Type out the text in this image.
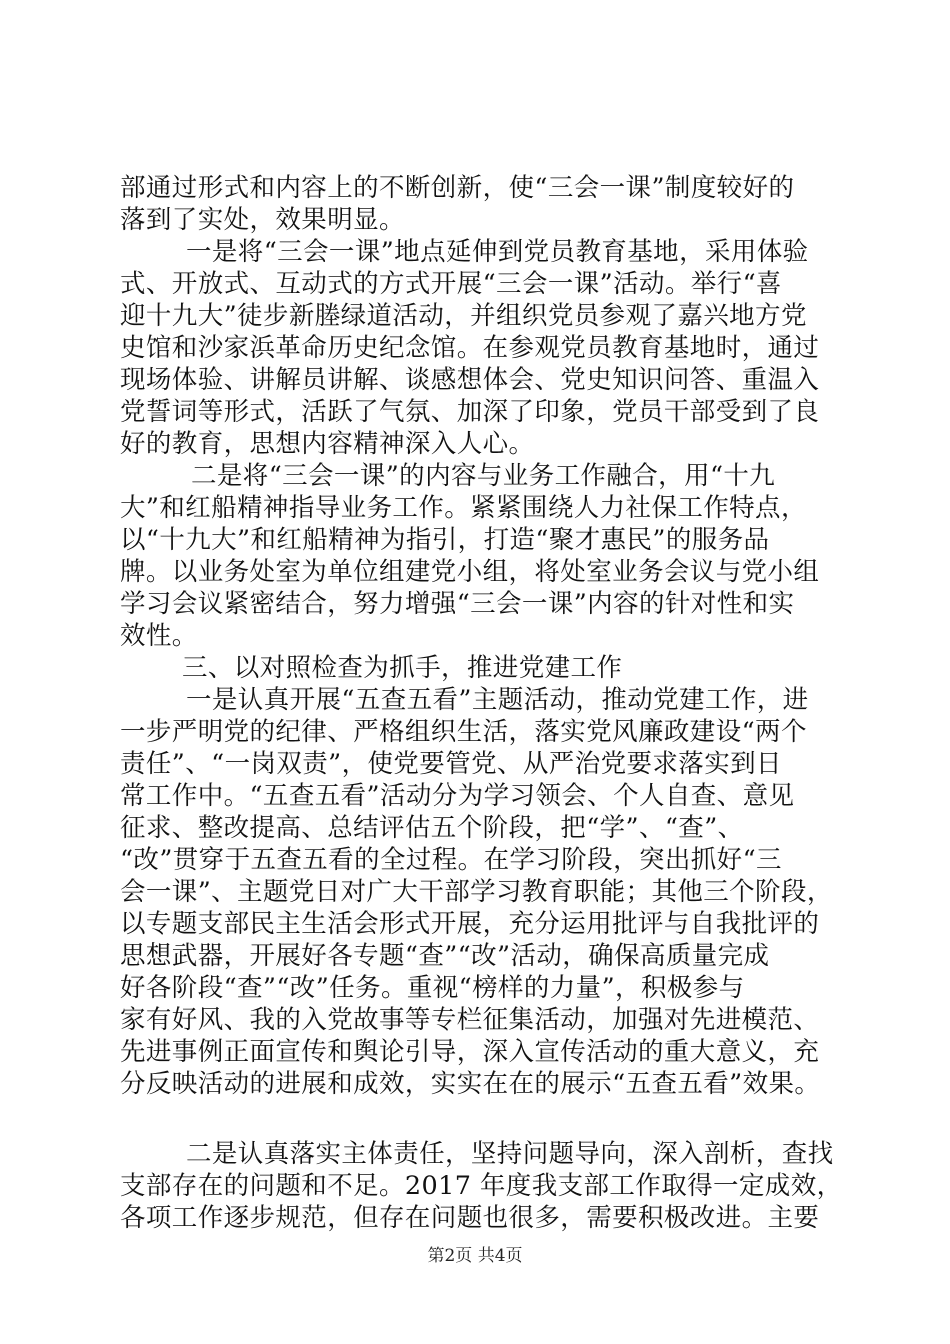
部通过形式和内容上的不断创新，使“三会一课”制度较好的
落到了实处，效果明显。
一是将“三会一课”地点延伸到党员教育基地，采用体验
式、开放式、互动式的方式开展“三会一课”活动。举行“喜
迎十九大”徒步新塍绿道活动，并组织党员参观了嘉兴地方党
史馆和沙家浜革命历史纪念馆。在参观党员教育基地时，通过
现场体验、讲解员讲解、谈感想体会、党史知识问答、重温入
党誓词等形式，活跃了气氛、加深了印象，党员干部受到了良
好的教育，思想内容精神深入人心。
二是将“三会一课”的内容与业务工作融合，用“十九
大”和红船精神指导业务工作。紧紧围绕人力社保工作特点，
以“十九大”和红船精神为指引，打造“聚才惠民”的服务品
牌。以业务处室为单位组建党小组，将处室业务会议与党小组
学习会议紧密结合，努力增强“三会一课”内容的针对性和实
效性。
三、以对照检查为抓手，推进党建工作
一是认真开展“五查五看”主题活动，推动党建工作，进
一步严明党的纪律、严格组织生活，落实党风廉政建设“两个
责任”、“一岗双责”，使党要管党、从严治党要求落实到日
常工作中。“五查五看”活动分为学习领会、个人自查、意见
征求、整改提高、总结评估五个阶段，把“学”、“查”、
“改”贯穿于五查五看的全过程。在学习阶段，突出抓好“三
会一课”、主题党日对广大干部学习教育职能；其他三个阶段，
以专题支部民主生活会形式开展，充分运用批评与自我批评的
思想武器，开展好各专题“查”“改”活动，确保高质量完成
好各阶段“查”“改”任务。重视“榜样的力量”，积极参与
家有好风、我的入党故事等专栏征集活动，加强对先进模范、
先进事例正面宣传和舆论引导，深入宣传活动的重大意义，充
分反映活动的进展和成效，实实在在的展示“五查五看”效果。
二是认真落实主体责任，坚持问题导向，深入剖析，查找
支部存在的问题和不足。2017 年度我支部工作取得一定成效，
各项工作逐步规范，但存在问题也很多，需要积极改进。主要
第2页 共4页
